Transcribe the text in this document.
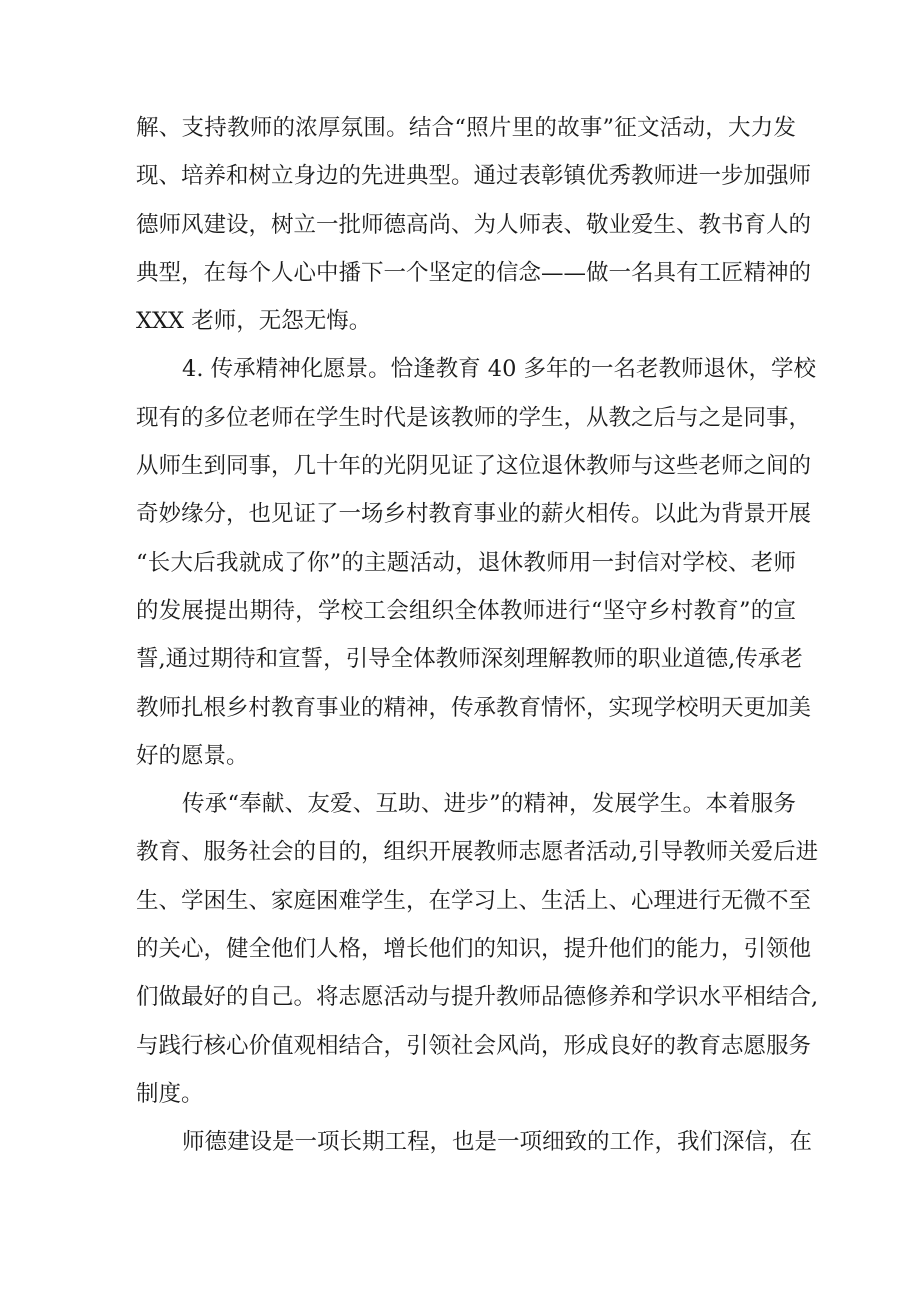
解、支持教师的浓厚氛围。结合“照片里的故事”征文活动，大力发
现、培养和树立身边的先进典型。通过表彰镇优秀教师进一步加强师
德师风建设，树立一批师德高尚、为人师表、敬业爱生、教书育人的
典型，在每个人心中播下一个坚定的信念——做一名具有工匠精神的
XXX 老师，无怨无悔。
4. 传承精神化愿景。恰逢教育 40 多年的一名老教师退休，学校
现有的多位老师在学生时代是该教师的学生，从教之后与之是同事，
从师生到同事，几十年的光阴见证了这位退休教师与这些老师之间的
奇妙缘分，也见证了一场乡村教育事业的薪火相传。以此为背景开展
“长大后我就成了你”的主题活动，退休教师用一封信对学校、老师
的发展提出期待，学校工会组织全体教师进行“坚守乡村教育”的宣
誓,通过期待和宣誓，引导全体教师深刻理解教师的职业道德,传承老
教师扎根乡村教育事业的精神，传承教育情怀，实现学校明天更加美
好的愿景。
传承“奉献、友爱、互助、进步”的精神，发展学生。本着服务
教育、服务社会的目的，组织开展教师志愿者活动,引导教师关爱后进
生、学困生、家庭困难学生，在学习上、生活上、心理进行无微不至
的关心，健全他们人格，增长他们的知识，提升他们的能力，引领他
们做最好的自己。将志愿活动与提升教师品德修养和学识水平相结合,
与践行核心价值观相结合，引领社会风尚，形成良好的教育志愿服务
制度。
师德建设是一项长期工程，也是一项细致的工作，我们深信，在
